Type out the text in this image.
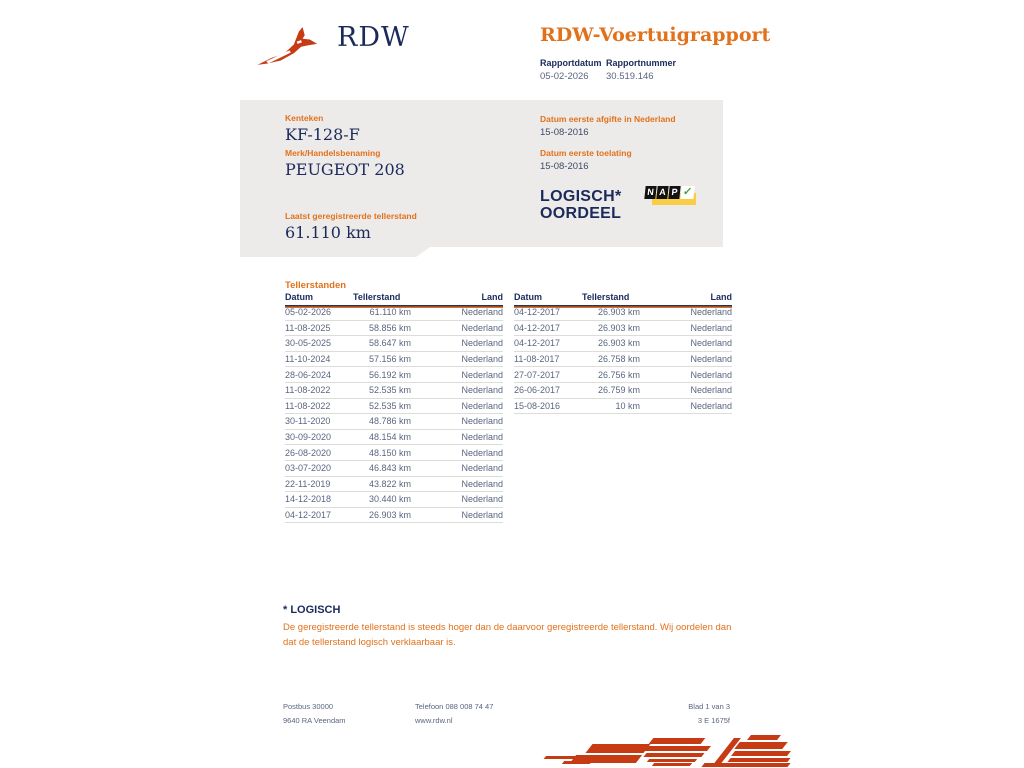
RDW	RDW-Voertuigrapport
Rapportdatum
05-02-2026
Rapportnummer
30.519.146
Kenteken
KF-128-F
Merk/Handelsbenaming
PEUGEOT 208
Laatst geregistreerde tellerstand
61.110 km
Datum eerste afgifte in Nederland
15-08-2016
Datum eerste toelating
15-08-2016
LOGISCH*
OORDEEL
N A P ✓
Tellerstanden
Datum	Tellerstand	Land
05-02-2026	61.110 km	Nederland
11-08-2025	58.856 km	Nederland
30-05-2025	58.647 km	Nederland
11-10-2024	57.156 km	Nederland
28-06-2024	56.192 km	Nederland
11-08-2022	52.535 km	Nederland
11-08-2022	52.535 km	Nederland
30-11-2020	48.786 km	Nederland
30-09-2020	48.154 km	Nederland
26-08-2020	48.150 km	Nederland
03-07-2020	46.843 km	Nederland
22-11-2019	43.822 km	Nederland
14-12-2018	30.440 km	Nederland
04-12-2017	26.903 km	Nederland
Datum	Tellerstand	Land
04-12-2017	26.903 km	Nederland
04-12-2017	26.903 km	Nederland
04-12-2017	26.903 km	Nederland
11-08-2017	26.758 km	Nederland
27-07-2017	26.756 km	Nederland
26-06-2017	26.759 km	Nederland
15-08-2016	10 km	Nederland
* LOGISCH
De geregistreerde tellerstand is steeds hoger dan de daarvoor geregistreerde tellerstand. Wij oordelen dan dat de tellerstand logisch verklaarbaar is.
Postbus 30000
9640 RA Veendam
Telefoon 088 008 74 47
www.rdw.nl
Blad 1 van 3
3 E 1675f
